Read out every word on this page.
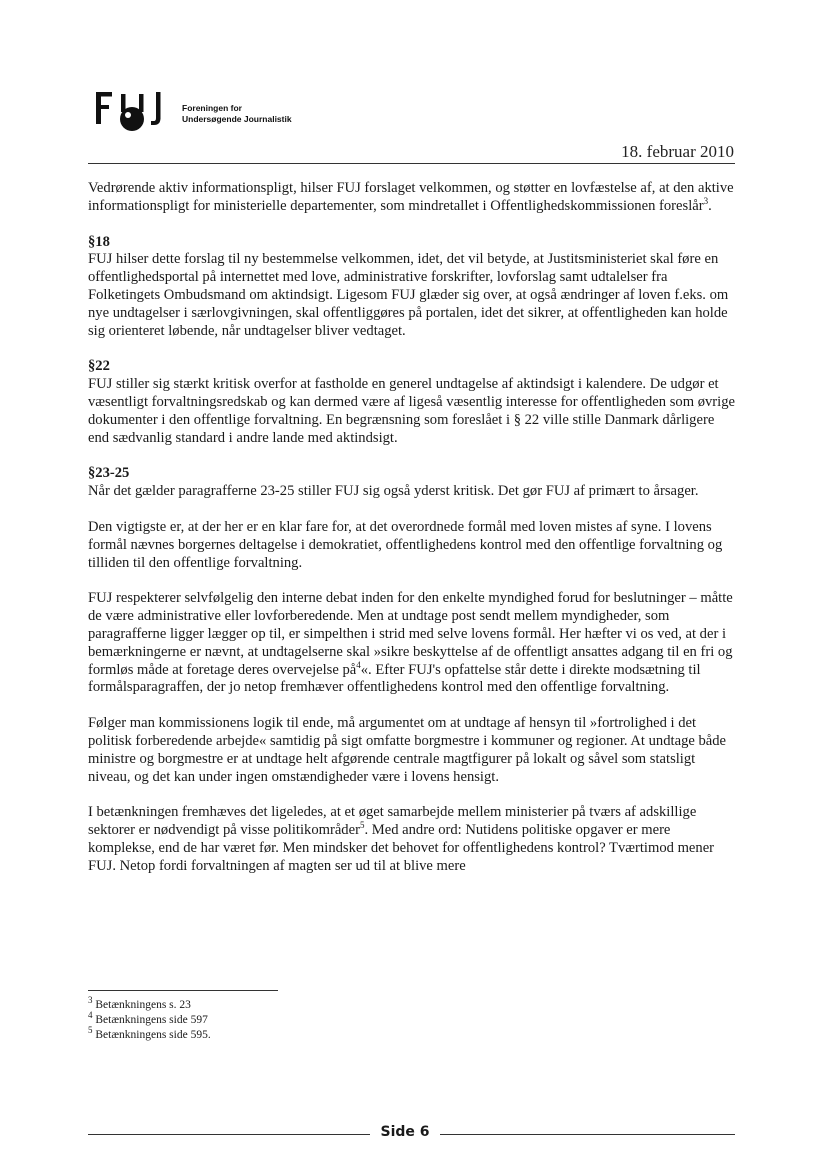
Foreningen for
Undersøgende Journalistik
18. februar 2010

Vedrørende aktiv informationspligt, hilser FUJ forslaget velkommen, og støtter en lovfæstelse af, at den aktive informationspligt for ministerielle departementer, som mindretallet i Offentlighedskommissionen foreslår$^3$.

§18

FUJ hilser dette forslag til ny bestemmelse velkommen, idet, det vil betyde, at Justitsministeriet skal føre en offentlighedsportal på internettet med love, administrative forskrifter, lovforslag samt udtalelser fra Folketingets Ombudsmand om aktindsigt. Ligesom FUJ glæder sig over, at også ændringer af loven f.eks. om nye undtagelser i særlovgivningen, skal offentliggøres på portalen, idet det sikrer, at offentligheden kan holde sig orienteret løbende, når undtagelser bliver vedtaget.

§22

FUJ stiller sig stærkt kritisk overfor at fastholde en generel undtagelse af aktindsigt i kalendere. De udgør et væsentligt forvaltningsredskab og kan dermed være af ligeså væsentlig interesse for offentligheden som øvrige dokumenter i den offentlige forvaltning. En begrænsning som foreslået i § 22 ville stille Danmark dårligere end sædvanlig standard i andre lande med aktindsigt.

§23-25

Når det gælder paragrafferne 23-25 stiller FUJ sig også yderst kritisk. Det gør FUJ af primært to årsager.

Den vigtigste er, at der her er en klar fare for, at det overordnede formål med loven mistes af syne. I lovens formål nævnes borgernes deltagelse i demokratiet, offentlighedens kontrol med den offentlige forvaltning og tilliden til den offentlige forvaltning.

FUJ respekterer selvfølgelig den interne debat inden for den enkelte myndighed forud for beslutninger – måtte de være administrative eller lovforberedende. Men at undtage post sendt mellem myndigheder, som paragrafferne ligger lægger op til, er simpelthen i strid med selve lovens formål. Her hæfter vi os ved, at der i bemærkningerne er nævnt, at undtagelserne skal »sikre beskyttelse af de offentligt ansattes adgang til en fri og formløs måde at foretage deres overvejelse $på^4«$. Efter FUJ's opfattelse står dette i direkte modsætning til formålsparagraffen, der jo netop fremhæver offentlighedens kontrol med den offentlige forvaltning.

Følger man kommissionens logik til ende, må argumentet om at undtage af hensyn til »fortrolighed i det politisk forberedende arbejde« samtidig på sigt omfatte borgmestre i kommuner og regioner. At undtage både ministre og borgmestre er at undtage helt afgørende centrale magtfigurer på lokalt og såvel som statsligt niveau, og det kan under ingen omstændigheder være i lovens hensigt.

I betænkningen fremhæves det ligeledes, at et øget samarbejde mellem ministerier på tværs af adskillige sektorer er nødvendigt på visse politikområder$^5$. Med andre ord: Nutidens politiske opgaver er mere komplekse, end de har været før. Men mindsker det behovet for offentlighedens kontrol? Tværtimod mener FUJ. Netop fordi forvaltningen af magten ser ud til at blive mere

$^3$ Betænkningens s. 23
$^4$ Betænkningens side 597
$^5$ Betænkningens side 595.
Side 6
